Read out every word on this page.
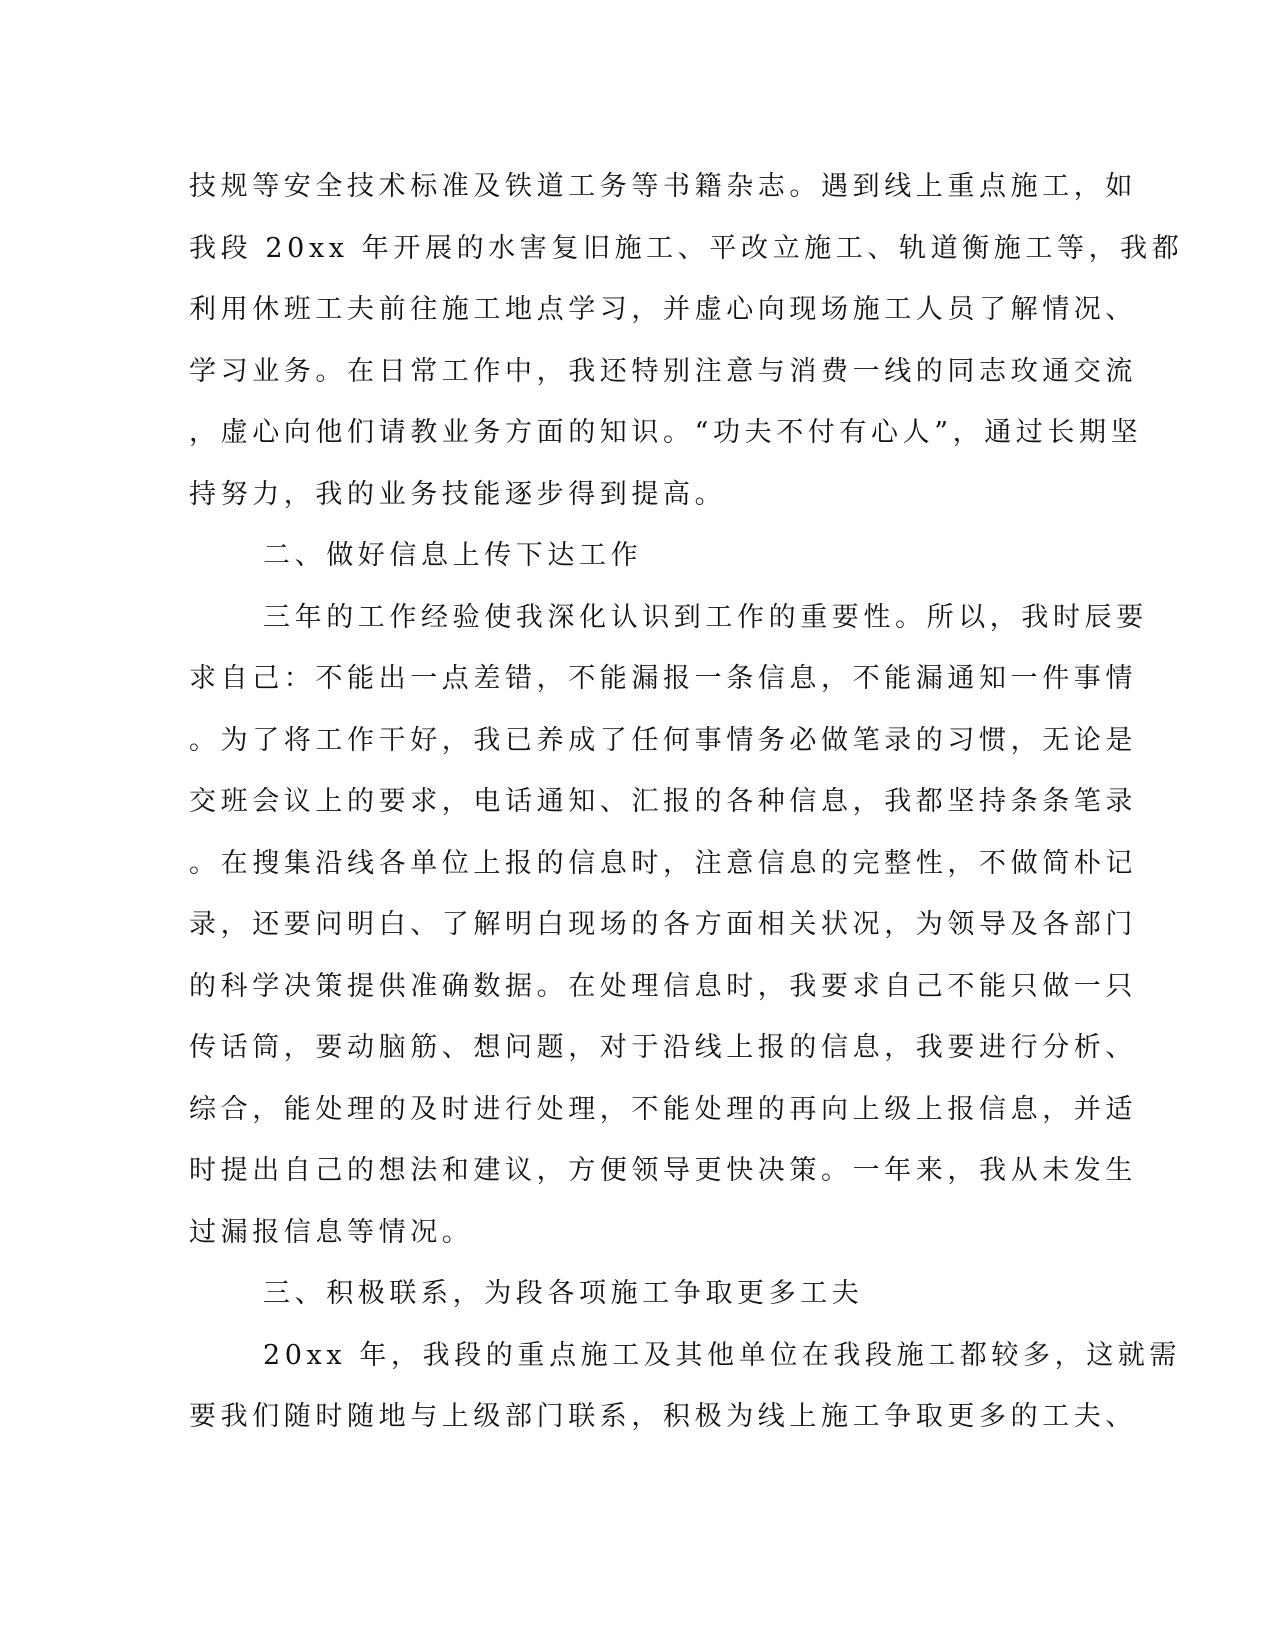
技规等安全技术标准及铁道工务等书籍杂志。遇到线上重点施工，如
我段 20xx 年开展的水害复旧施工、平改立施工、轨道衡施工等，我都
利用休班工夫前往施工地点学习，并虚心向现场施工人员了解情况、
学习业务。在日常工作中，我还特别注意与消费一线的同志玫通交流
，虚心向他们请教业务方面的知识。“功夫不付有心人”，通过长期坚
持努力，我的业务技能逐步得到提高。
二、做好信息上传下达工作
三年的工作经验使我深化认识到工作的重要性。所以，我时辰要
求自己：不能出一点差错，不能漏报一条信息，不能漏通知一件事情
。为了将工作干好，我已养成了任何事情务必做笔录的习惯，无论是
交班会议上的要求，电话通知、汇报的各种信息，我都坚持条条笔录
。在搜集沿线各单位上报的信息时，注意信息的完整性，不做简朴记
录，还要问明白、了解明白现场的各方面相关状况，为领导及各部门
的科学决策提供准确数据。在处理信息时，我要求自己不能只做一只
传话筒，要动脑筋、想问题，对于沿线上报的信息，我要进行分析、
综合，能处理的及时进行处理，不能处理的再向上级上报信息，并适
时提出自己的想法和建议，方便领导更快决策。一年来，我从未发生
过漏报信息等情况。
三、积极联系，为段各项施工争取更多工夫
20xx 年，我段的重点施工及其他单位在我段施工都较多，这就需
要我们随时随地与上级部门联系，积极为线上施工争取更多的工夫、
